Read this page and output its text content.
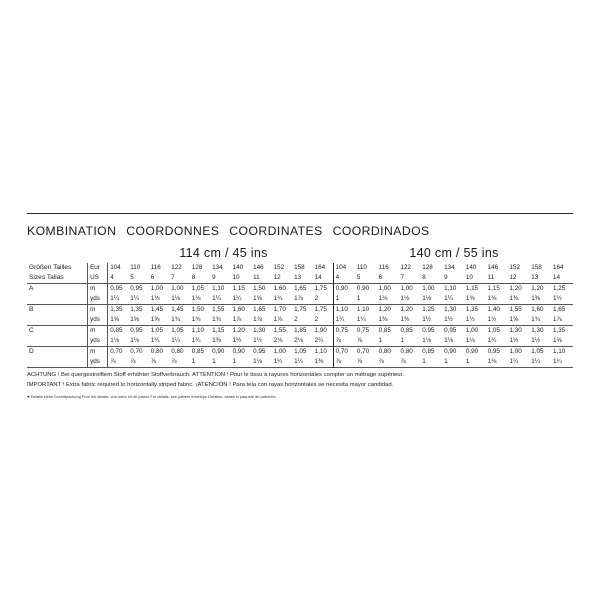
KOMBINATION COORDONNES COORDINATES COORDINADOS
114 cm / 45 ins	140 cm / 55 ins
Größen Tailles	Eur	104	110	116	122	128	134	140	146	152	158	164	104	110	116	122	128	134	140	146	152	158	164
Sizes Tallas	US	4	5	6	7	8	9	10	11	12	13	14	4	5	6	7	8	9	10	11	12	13	14
A	m	0,95	0,95	1,00	1,00	1,05	1,10	1,15	1,50	1,60	1,65	1,75	0,90	0,90	1,00	1,00	1,00	1,10	1,15	1,15	1,20	1,20	1,25
	yds	1¼	1¼	1⅛	1⅛	1⅛	1¼	1¼	1⅝	1¾	1⅞	2	1	1	1⅛	1⅛	1⅛	1¼	1⅜	1⅜	1⅜	1⅜	1½
B	m	1,35	1,35	1,45	1,45	1,50	1,55	1,60	1,65	1,70	1,75	1,75	1,10	1,10	1,20	1,20	1,25	1,30	1,35	1,40	1,55	1,60	1,65
	yds	1⅝	1⅝	1⅝	1¾	1¾	1¾	1⅞	1⅞	1⅞	2	2	1¼	1¼	1⅜	1⅜	1½	1½	1½	1½	1⅝	1¾	1⅞
C	m	0,85	0,95	1,05	1,05	1,10	1,15	1,20	1,30	1,55	1,85	1,90	0,75	0,75	0,85	0,85	0,95	0,95	1,00	1,05	1,30	1,30	1,35
	yds	1⅛	1⅛	1¼	1¼	1¼	1⅜	1½	1½	2⅛	2⅛	2¼	⅞	⅞	1	1	1⅛	1⅛	1⅛	1¼	1½	1½	1⅝
D	m	0,70	0,70	0,80	0,80	0,85	0,90	0,90	0,95	1,00	1,05	1,10	0,70	0,70	0,80	0,80	0,85	0,90	0,90	0,95	1,00	1,05	1,10
	yds	⅞	⅞	⅞	⅞	1	1	1	1⅛	1¼	1¼	1⅜	⅞	⅞	⅞	⅞	1	1	1	1⅛	1¼	1¼	1¼

ACHTUNG ! Bei quergestreiftem Stoff erhöhter Stoffverbrauch. ATTENTION ! Pour le tissu à rayures horizontales compter un métrage supérieur.
IMPORTANT ! Extra fabric required to horizontally striped fabric. ¡ATENCIÓN ! Para tela con rayas horizontales se necesita mayor candidad.
● Details siehe Schnittpackung Pour les details, voir notre kit de patron For details, see pattern envelope Detalles, véase el paquete de patrones
